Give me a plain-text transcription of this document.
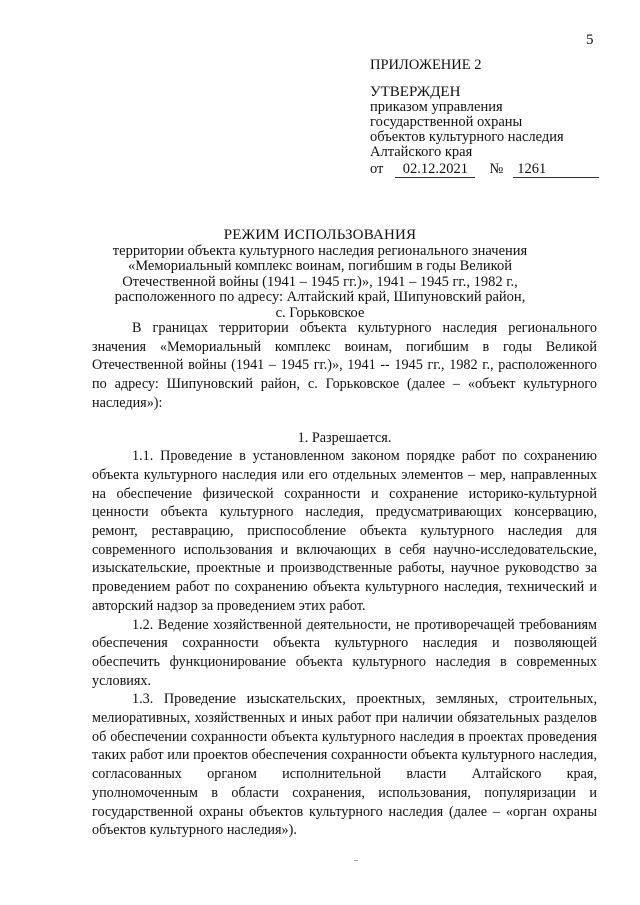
5
ПРИЛОЖЕНИЕ 2
УТВЕРЖДЕН
приказом управления
государственной охраны
объектов культурного наследия
Алтайского края
от	02.12.2021	№ 1261
РЕЖИМ ИСПОЛЬЗОВАНИЯ
территории объекта культурного наследия регионального значения
«Мемориальный комплекс воинам, погибшим в годы Великой
Отечественной войны (1941 – 1945 гг.)», 1941 – 1945 гг., 1982 г.,
расположенного по адресу: Алтайский край, Шипуновский район,
с. Горьковское

В границах территории объекта культурного наследия регионального значения «Мемориальный комплекс воинам, погибшим в годы Великой Отечественной войны (1941 – 1945 гг.)», 1941 -- 1945 гг., 1982 г., расположенного по адресу: Шипуновский район, с. Горьковское (далее – «объект культурного наследия»):

1. Разрешается.

1.1. Проведение в установленном законом порядке работ по сохранению объекта культурного наследия или его отдельных элементов – мер, направленных на обеспечение физической сохранности и сохранение историко-культурной ценности объекта культурного наследия, предусматривающих консервацию, ремонт, реставрацию, приспособление объекта культурного наследия для современного использования и включающих в себя научно-исследовательские, изыскательские, проектные и производственные работы, научное руководство за проведением работ по сохранению объекта культурного наследия, технический и авторский надзор за проведением этих работ.

1.2. Ведение хозяйственной деятельности, не противоречащей требованиям обеспечения сохранности объекта культурного наследия и позволяющей обеспечить функционирование объекта культурного наследия в современных условиях.

1.3. Проведение изыскательских, проектных, земляных, строительных, мелиоративных, хозяйственных и иных работ при наличии обязательных разделов об обеспечении сохранности объекта культурного наследия в проектах проведения таких работ или проектов обеспечения сохранности объекта культурного наследия, согласованных органом исполнительной власти Алтайского края, уполномоченным в области сохранения, использования, популяризации и государственной охраны объектов культурного наследия (далее – «орган охраны объектов культурного наследия»).
